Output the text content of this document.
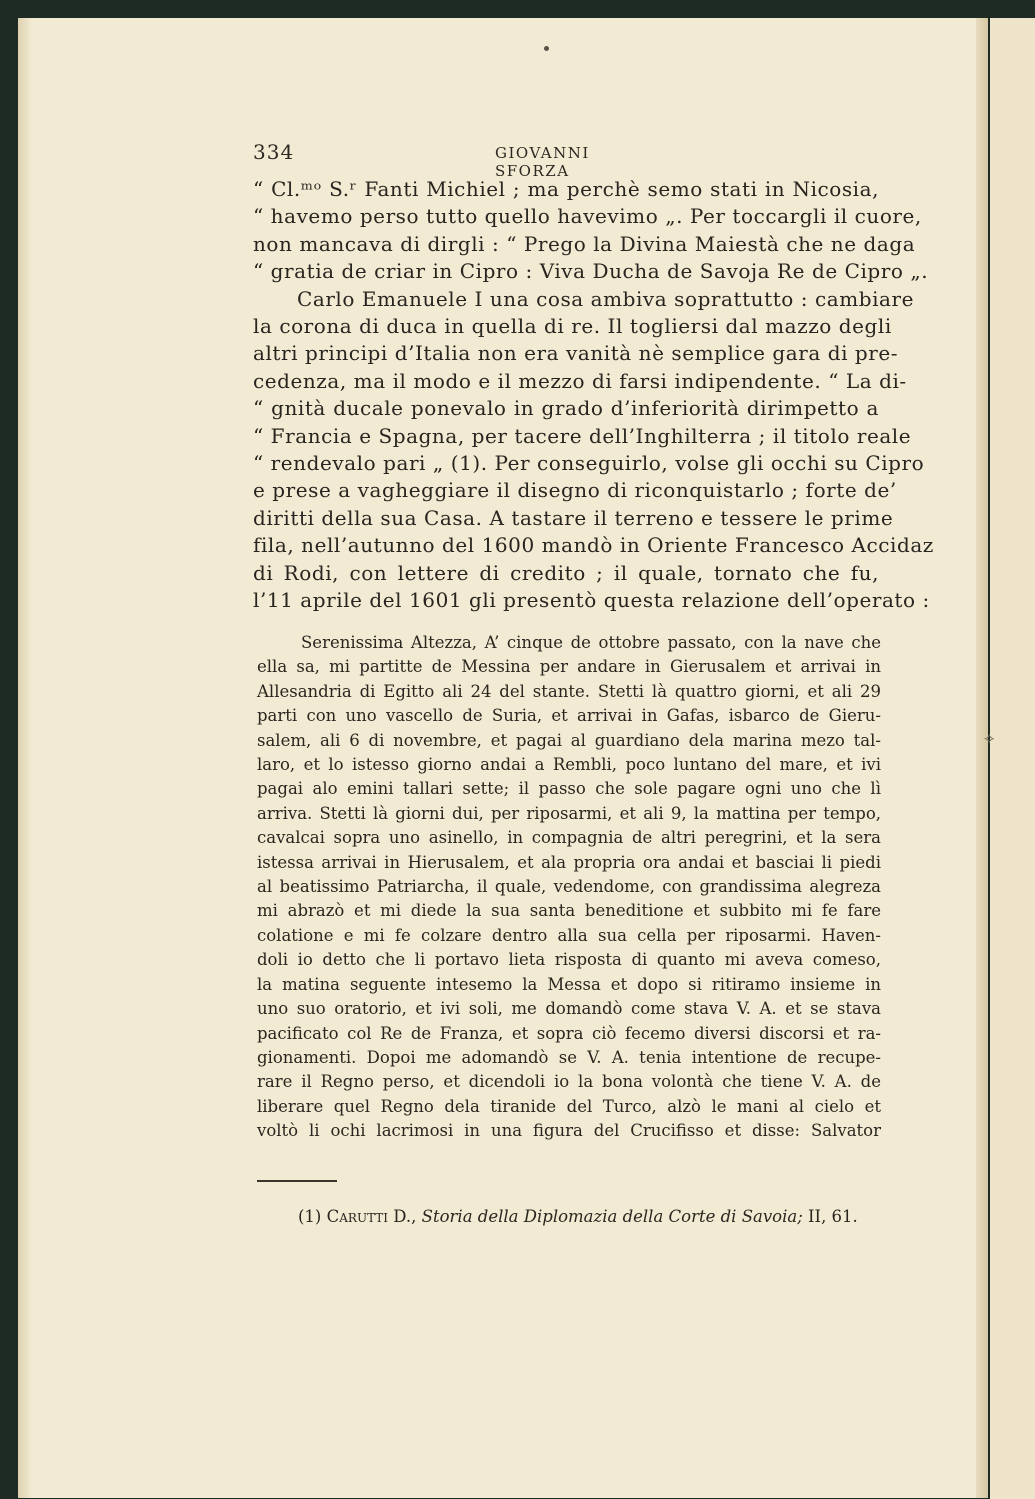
⟡
334	GIOVANNI SFORZA
“ Cl.ᵐᵒ S.ʳ Fanti Michiel ; ma perchè semo stati in Nicosia,
“ havemo perso tutto quello havevimo „. Per toccargli il cuore,
non mancava di dirgli : “ Prego la Divina Maiestà che ne daga
“ gratia de criar in Cipro : Viva Ducha de Savoja Re de Cipro „.
Carlo Emanuele I una cosa ambiva soprattutto : cambiare
la corona di duca in quella di re. Il togliersi dal mazzo degli
altri principi d’Italia non era vanità nè semplice gara di pre-
cedenza, ma il modo e il mezzo di farsi indipendente. “ La di-
“ gnità ducale ponevalo in grado d’inferiorità dirimpetto a
“ Francia e Spagna, per tacere dell’Inghilterra ; il titolo reale
“ rendevalo pari „ (1). Per conseguirlo, volse gli occhi su Cipro
e prese a vagheggiare il disegno di riconquistarlo ; forte de’
diritti della sua Casa. A tastare il terreno e tessere le prime
fila, nell’autunno del 1600 mandò in Oriente Francesco Accidaz
di Rodi, con lettere di credito ; il quale, tornato che fu,
l’11 aprile del 1601 gli presentò questa relazione dell’operato :
Serenissima Altezza, A’ cinque de ottobre passato, con la nave che
ella sa, mi partitte de Messina per andare in Gierusalem et arrivai in
Allesandria di Egitto ali 24 del stante. Stetti là quattro giorni, et ali 29
parti con uno vascello de Suria, et arrivai in Gafas, isbarco de Gieru-
salem, ali 6 di novembre, et pagai al guardiano dela marina mezo tal-
laro, et lo istesso giorno andai a Rembli, poco luntano del mare, et ivi
pagai alo emini tallari sette; il passo che sole pagare ogni uno che lì
arriva. Stetti là giorni dui, per riposarmi, et ali 9, la mattina per tempo,
cavalcai sopra uno asinello, in compagnia de altri peregrini, et la sera
istessa arrivai in Hierusalem, et ala propria ora andai et basciai li piedi
al beatissimo Patriarcha, il quale, vedendome, con grandissima alegreza
mi abrazò et mi diede la sua santa beneditione et subbito mi fe fare
colatione e mi fe colzare dentro alla sua cella per riposarmi. Haven-
doli io detto che li portavo lieta risposta di quanto mi aveva comeso,
la matina seguente intesemo la Messa et dopo si ritiramo insieme in
uno suo oratorio, et ivi soli, me domandò come stava V. A. et se stava
pacificato col Re de Franza, et sopra ciò fecemo diversi discorsi et ra-
gionamenti. Dopoi me adomandò se V. A. tenia intentione de recupe-
rare il Regno perso, et dicendoli io la bona volontà che tiene V. A. de
liberare quel Regno dela tiranide del Turco, alzò le mani al cielo et
voltò li ochi lacrimosi in una figura del Crucifisso et disse: Salvator
(1) Carutti D., Storia della Diplomazia della Corte di Savoia; II, 61.
